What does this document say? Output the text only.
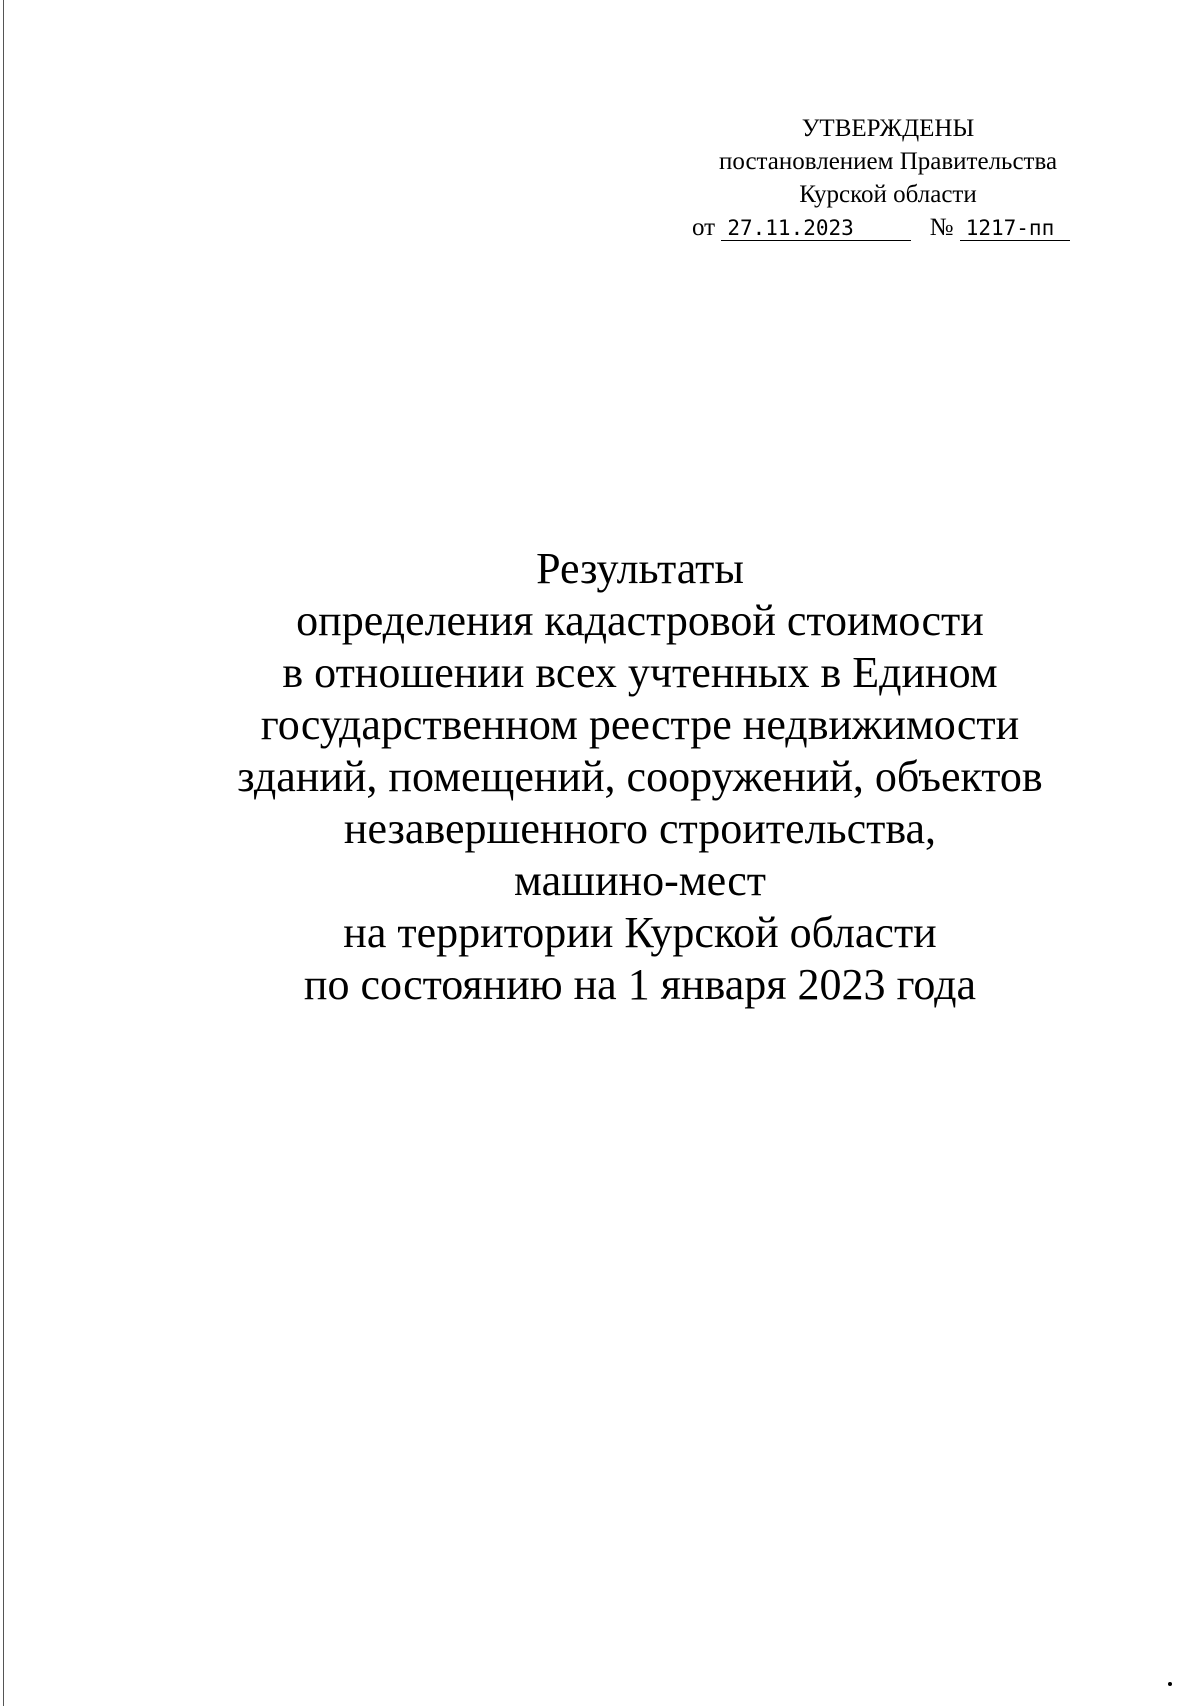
УТВЕРЖДЕНЫ
постановлением Правительства
Курской области
от 27.11.2023	№ 1217-пп
Результаты
определения кадастровой стоимости
в отношении всех учтенных в Едином
государственном реестре недвижимости
зданий, помещений, сооружений, объектов
незавершенного строительства,
машино-мест
на территории Курской области
по состоянию на 1 января 2023 года
